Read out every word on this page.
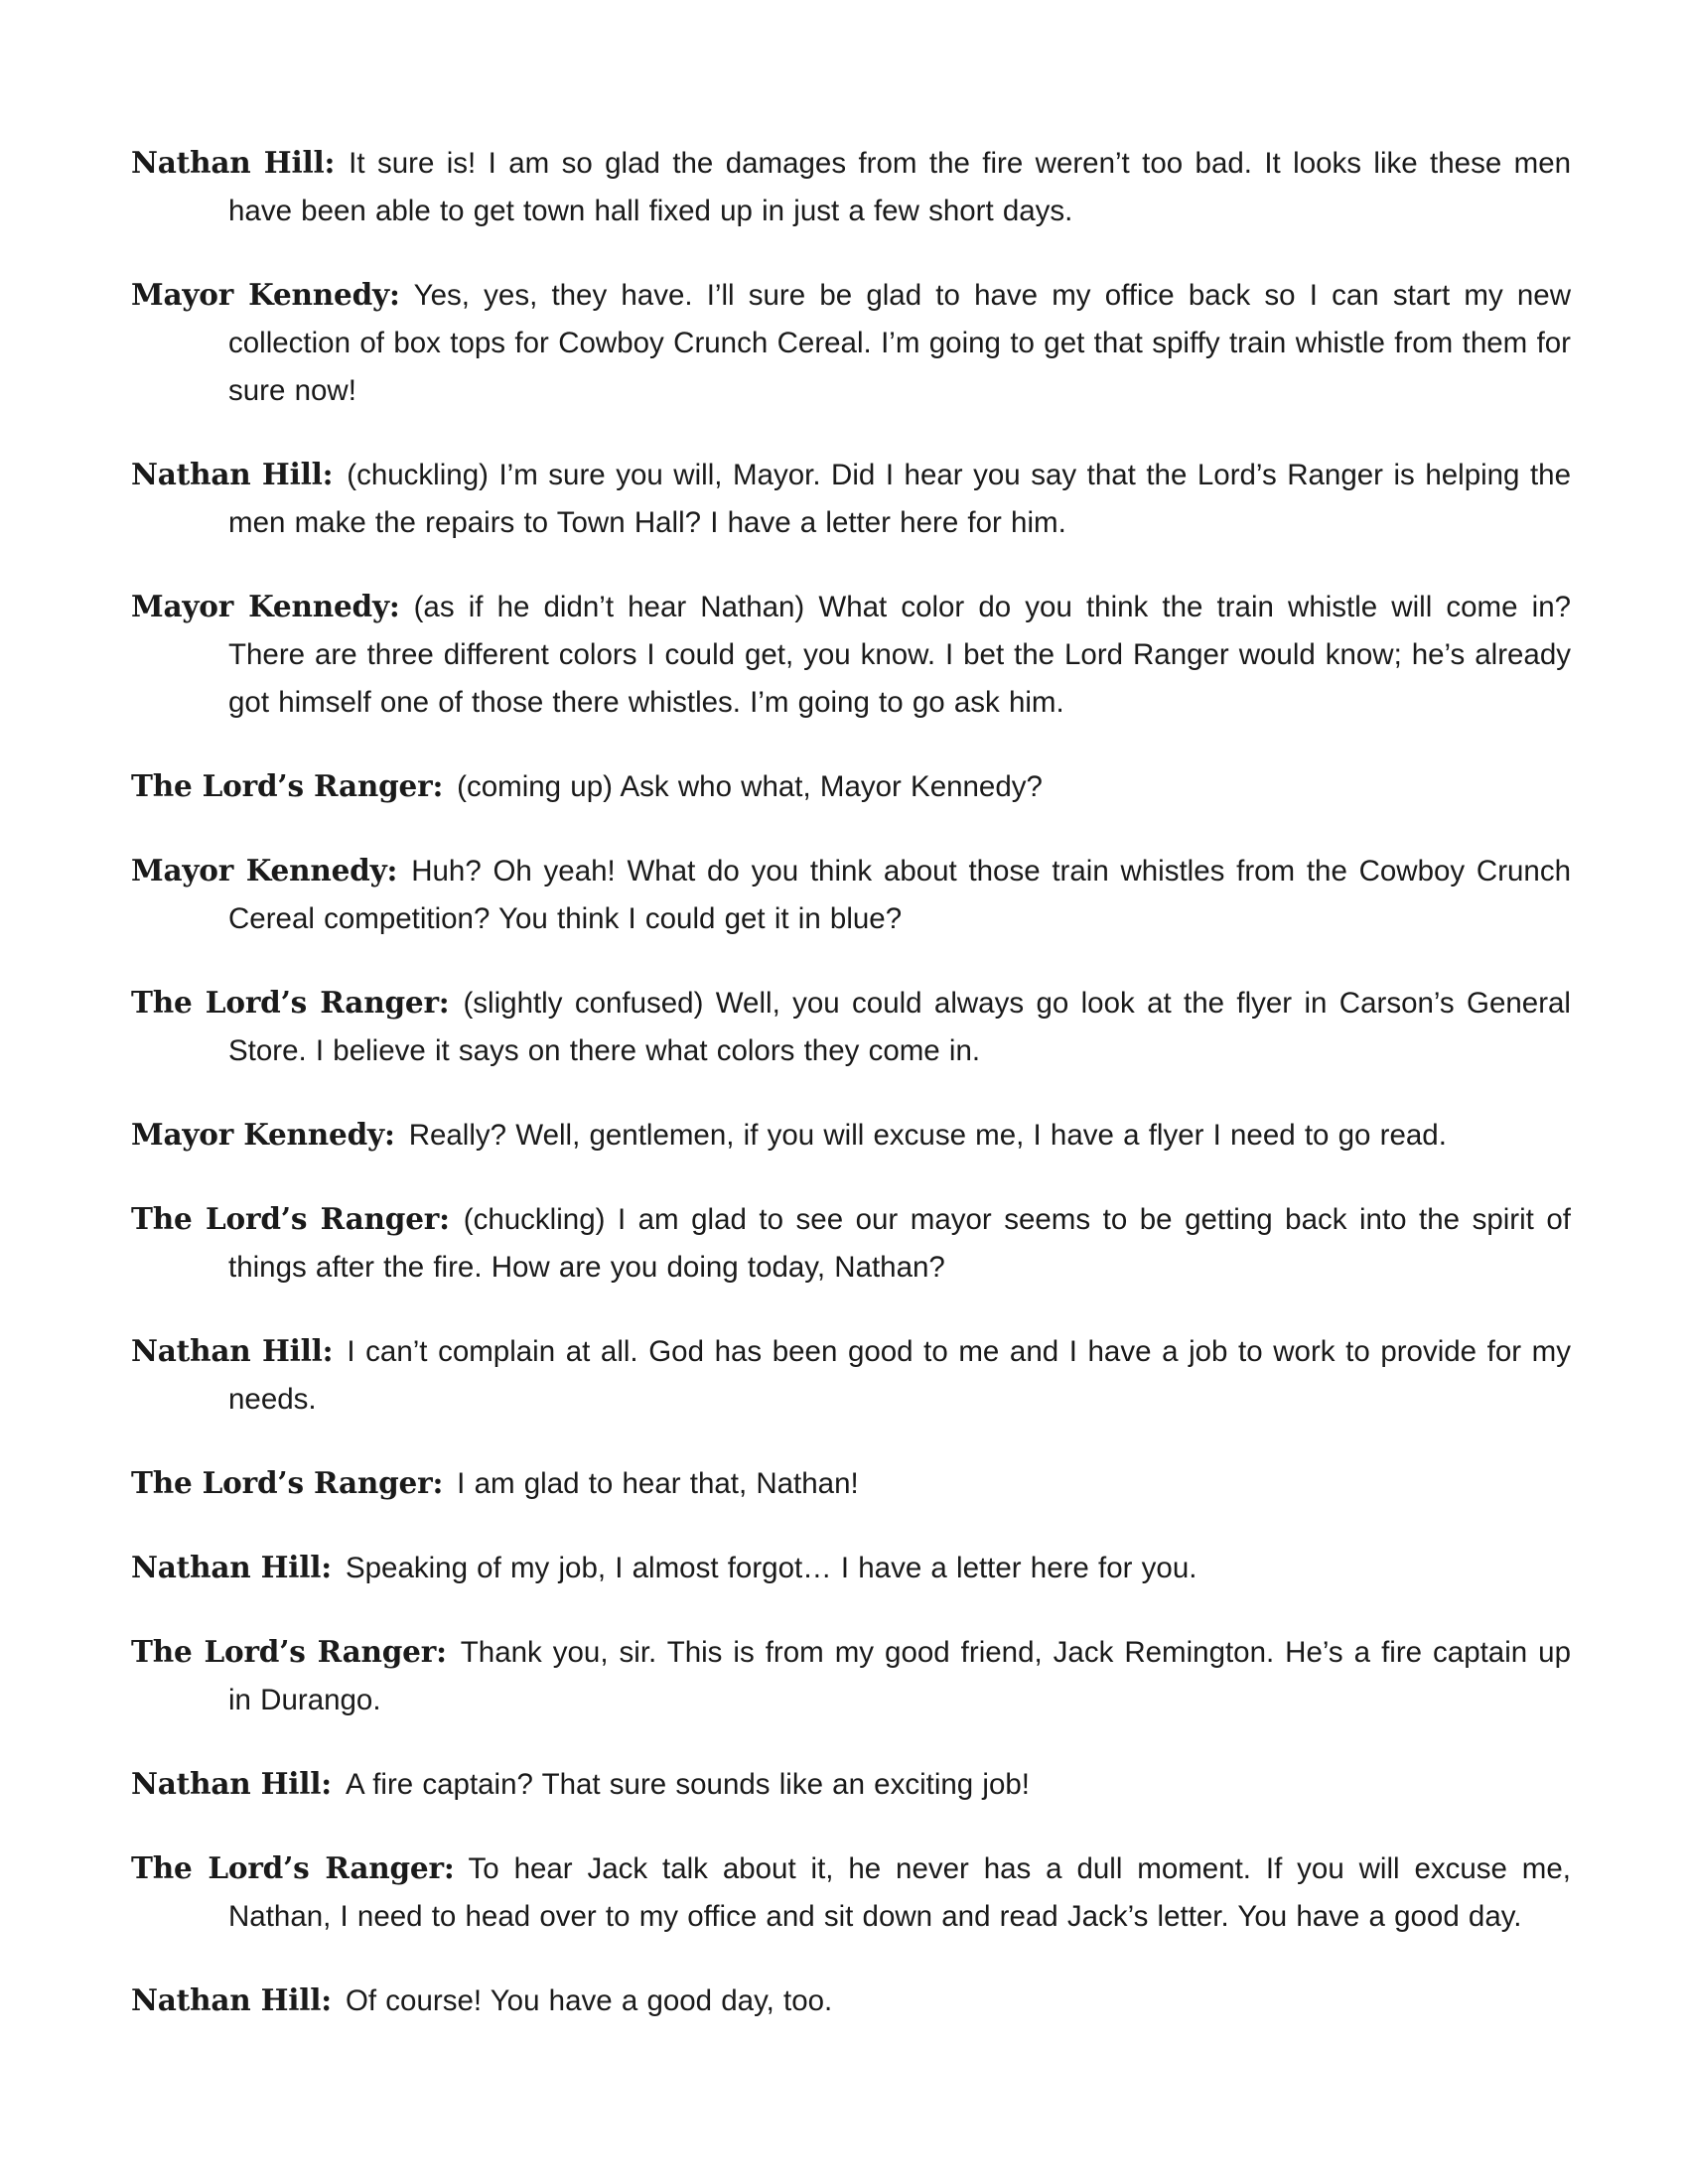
Nathan Hill: It sure is! I am so glad the damages from the fire weren’t too bad. It looks like these men have been able to get town hall fixed up in just a few short days.

Mayor Kennedy: Yes, yes, they have. I’ll sure be glad to have my office back so I can start my new collection of box tops for Cowboy Crunch Cereal. I’m going to get that spiffy train whistle from them for sure now!

Nathan Hill: (chuckling) I’m sure you will, Mayor. Did I hear you say that the Lord’s Ranger is helping the men make the repairs to Town Hall? I have a letter here for him.

Mayor Kennedy: (as if he didn’t hear Nathan) What color do you think the train whistle will come in? There are three different colors I could get, you know. I bet the Lord Ranger would know; he’s already got himself one of those there whistles. I’m going to go ask him.

The Lord’s Ranger: (coming up) Ask who what, Mayor Kennedy?

Mayor Kennedy: Huh? Oh yeah! What do you think about those train whistles from the Cowboy Crunch Cereal competition? You think I could get it in blue?

The Lord’s Ranger: (slightly confused) Well, you could always go look at the flyer in Carson’s General Store. I believe it says on there what colors they come in.

Mayor Kennedy: Really? Well, gentlemen, if you will excuse me, I have a flyer I need to go read.

The Lord’s Ranger: (chuckling) I am glad to see our mayor seems to be getting back into the spirit of things after the fire. How are you doing today, Nathan?

Nathan Hill: I can’t complain at all. God has been good to me and I have a job to work to provide for my needs.

The Lord’s Ranger: I am glad to hear that, Nathan!

Nathan Hill: Speaking of my job, I almost forgot… I have a letter here for you.

The Lord’s Ranger: Thank you, sir. This is from my good friend, Jack Remington. He’s a fire captain up in Durango.

Nathan Hill: A fire captain? That sure sounds like an exciting job!

The Lord’s Ranger: To hear Jack talk about it, he never has a dull moment. If you will excuse me, Nathan, I need to head over to my office and sit down and read Jack’s letter. You have a good day.

Nathan Hill: Of course! You have a good day, too.
